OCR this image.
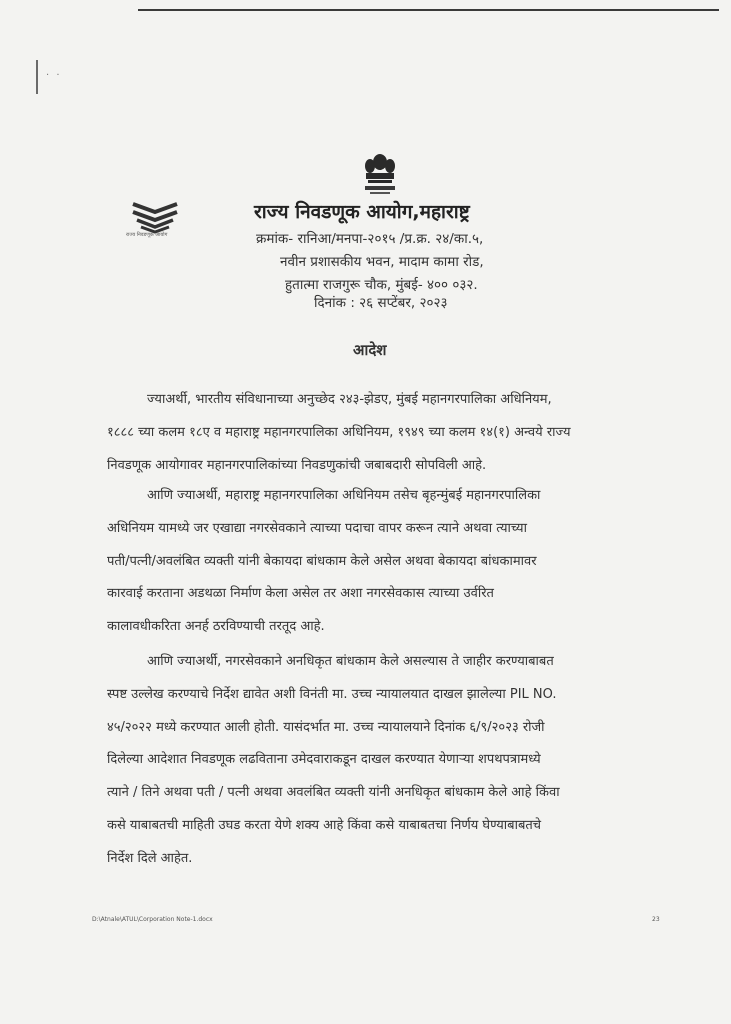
· ·
राज्य निवडणूक आयोग
राज्य निवडणूक आयोग,महाराष्ट्र
क्रमांक- रानिआ/मनपा-२०१५ /प्र.क्र. २४/का.५,
नवीन प्रशासकीय भवन, मादाम कामा रोड,
हुतात्मा राजगुरू चौक, मुंबई- ४०० ०३२.
दिनांक : २६ सप्टेंबर, २०२३
आदेश
ज्याअर्थी, भारतीय संविधानाच्या अनुच्छेद २४३-झेडए, मुंबई महानगरपालिका अधिनियम,
१८८८ च्या कलम १८ए व महाराष्ट्र महानगरपालिका अधिनियम, १९४९ च्या कलम १४(१) अन्वये राज्य
निवडणूक आयोगावर महानगरपालिकांच्या निवडणुकांची जबाबदारी सोपविली आहे.
आणि ज्याअर्थी, महाराष्ट्र महानगरपालिका अधिनियम तसेच बृहन्मुंबई महानगरपालिका
अधिनियम यामध्ये जर एखाद्या नगरसेवकाने त्याच्या पदाचा वापर करून त्याने अथवा त्याच्या
पती/पत्नी/अवलंबित व्यक्ती यांनी बेकायदा बांधकाम केले असेल अथवा बेकायदा बांधकामावर
कारवाई करताना अडथळा निर्माण केला असेल तर अशा नगरसेवकास त्याच्या उर्वरित
कालावधीकरिता अनर्ह ठरविण्याची तरतूद आहे.
आणि ज्याअर्थी, नगरसेवकाने अनधिकृत बांधकाम केले असल्यास ते जाहीर करण्याबाबत
स्पष्ट उल्लेख करण्याचे निर्देश द्यावेत अशी विनंती मा. उच्च न्यायालयात दाखल झालेल्या PIL NO.
४५/२०२२ मध्ये करण्यात आली होती. यासंदर्भात मा. उच्च न्यायालयाने दिनांक ६/९/२०२३ रोजी
दिलेल्या आदेशात निवडणूक लढविताना उमेदवाराकडून दाखल करण्यात येणाऱ्या शपथपत्रामध्ये
त्याने / तिने अथवा पती / पत्नी अथवा अवलंबित व्यक्ती यांनी अनधिकृत बांधकाम केले आहे किंवा
कसे याबाबतची माहिती उघड करता येणे शक्य आहे किंवा कसे याबाबतचा निर्णय घेण्याबाबतचे
निर्देश दिले आहेत.
D:\Atnale\ATUL\Corporation Note-1.docx	23
